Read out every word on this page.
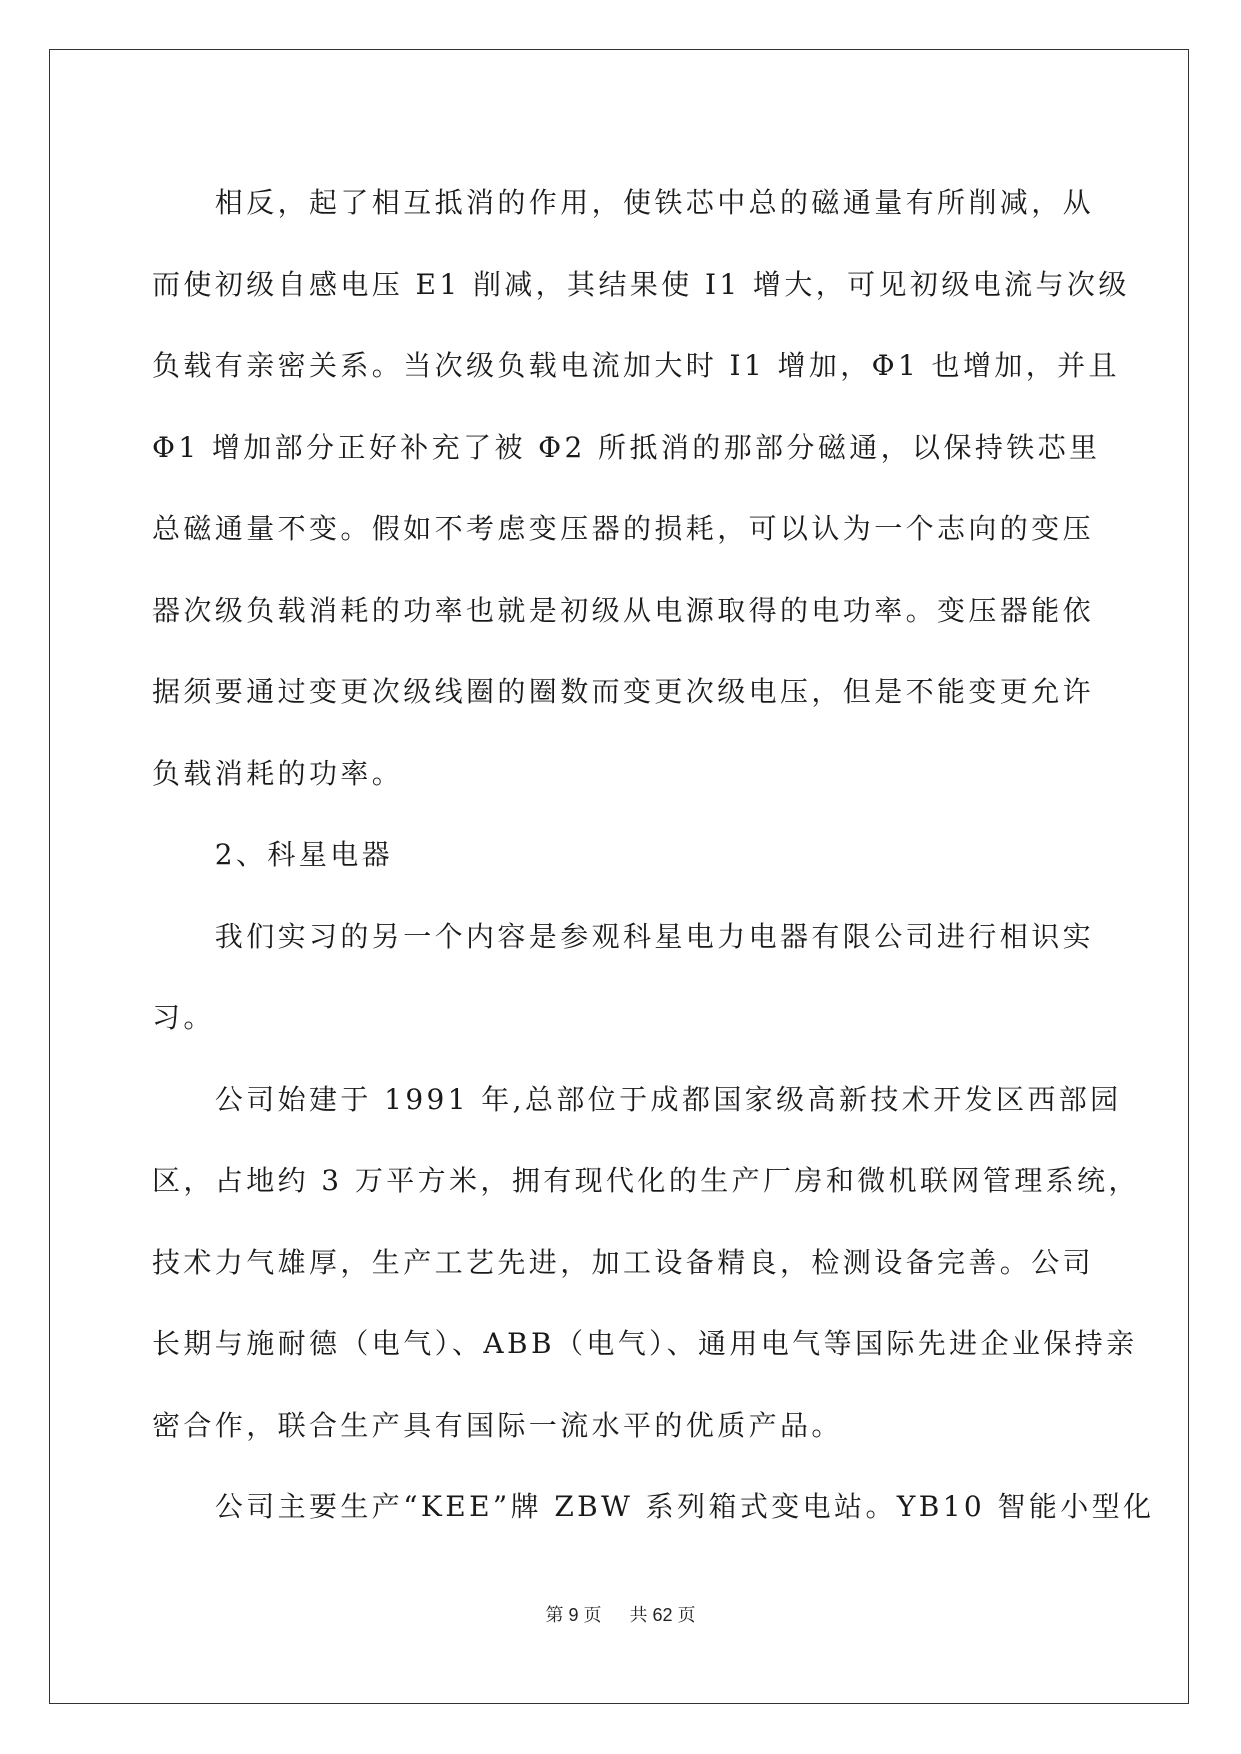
　　相反，起了相互抵消的作用，使铁芯中总的磁通量有所削减，从
而使初级自感电压 E1 削减，其结果使 I1 增大，可见初级电流与次级
负载有亲密关系。当次级负载电流加大时 I1 增加，Φ1 也增加，并且
Φ1 增加部分正好补充了被 Φ2 所抵消的那部分磁通，以保持铁芯里
总磁通量不变。假如不考虑变压器的损耗，可以认为一个志向的变压
器次级负载消耗的功率也就是初级从电源取得的电功率。变压器能依
据须要通过变更次级线圈的圈数而变更次级电压，但是不能变更允许
负载消耗的功率。
　　2、科星电器
　　我们实习的另一个内容是参观科星电力电器有限公司进行相识实
习。
　　公司始建于 1991 年,总部位于成都国家级高新技术开发区西部园
区，占地约 3 万平方米，拥有现代化的生产厂房和微机联网管理系统，
技术力气雄厚，生产工艺先进，加工设备精良，检测设备完善。公司
长期与施耐德（电气）、ABB（电气）、通用电气等国际先进企业保持亲
密合作，联合生产具有国际一流水平的优质产品。
　　公司主要生产“KEE”牌 ZBW 系列箱式变电站。YB10 智能小型化
第 9 页 共 62 页
